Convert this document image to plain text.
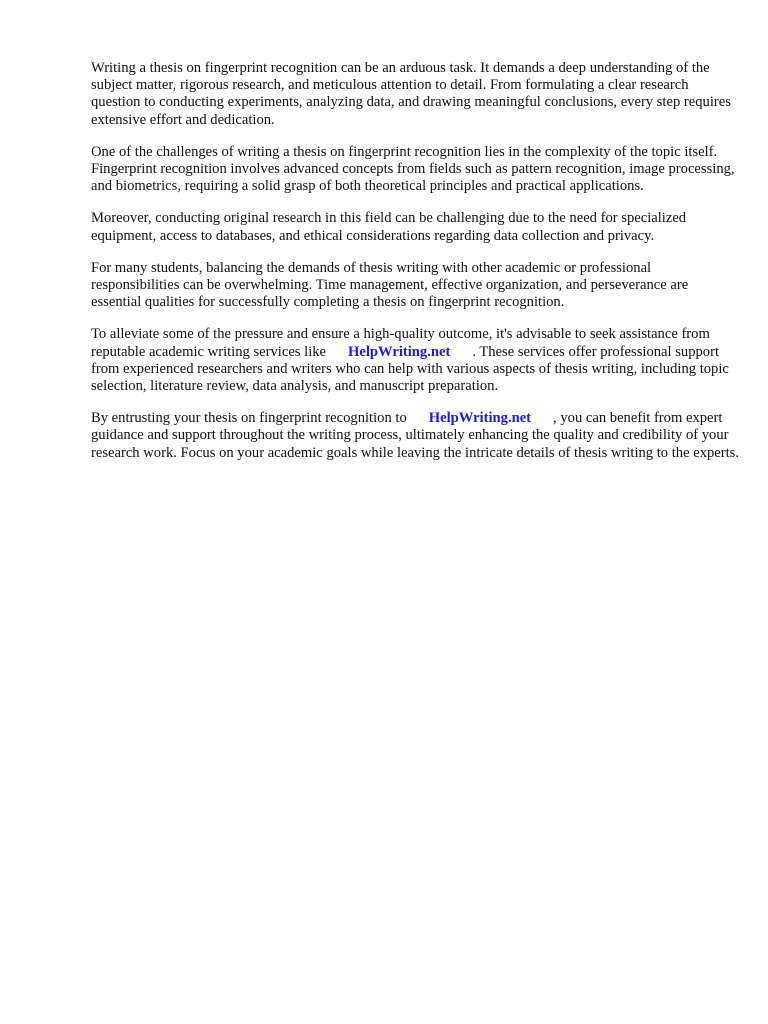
Writing a thesis on fingerprint recognition can be an arduous task. It demands a deep understanding of the subject matter, rigorous research, and meticulous attention to detail. From formulating a clear research question to conducting experiments, analyzing data, and drawing meaningful conclusions, every step requires extensive effort and dedication.

One of the challenges of writing a thesis on fingerprint recognition lies in the complexity of the topic itself. Fingerprint recognition involves advanced concepts from fields such as pattern recognition, image processing, and biometrics, requiring a solid grasp of both theoretical principles and practical applications.

Moreover, conducting original research in this field can be challenging due to the need for specialized equipment, access to databases, and ethical considerations regarding data collection and privacy.

For many students, balancing the demands of thesis writing with other academic or professional responsibilities can be overwhelming. Time management, effective organization, and perseverance are essential qualities for successfully completing a thesis on fingerprint recognition.

To alleviate some of the pressure and ensure a high-quality outcome, it's advisable to seek assistance from reputable academic writing services like HelpWriting.net . These services offer professional support from experienced researchers and writers who can help with various aspects of thesis writing, including topic selection, literature review, data analysis, and manuscript preparation.

By entrusting your thesis on fingerprint recognition to HelpWriting.net , you can benefit from expert guidance and support throughout the writing process, ultimately enhancing the quality and credibility of your research work. Focus on your academic goals while leaving the intricate details of thesis writing to the experts.
